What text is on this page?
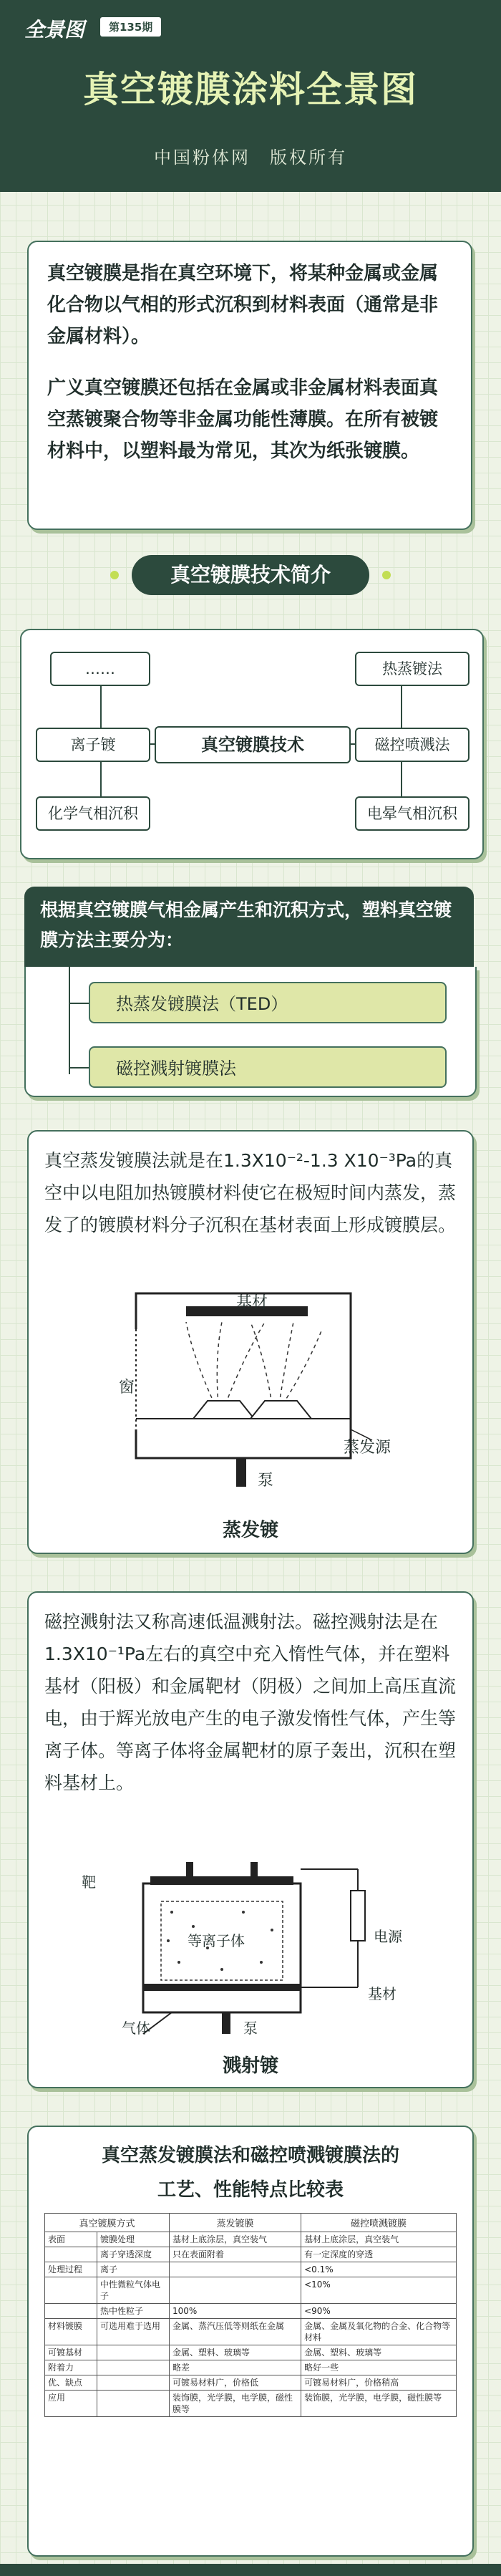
全景图	第135期
真空镀膜涂料全景图
中国粉体网　版权所有

真空镀膜是指在真空环境下，将某种金属或金属化合物以气相的形式沉积到材料表面（通常是非金属材料）。

广义真空镀膜还包括在金属或非金属材料表面真空蒸镀聚合物等非金属功能性薄膜。在所有被镀材料中，以塑料最为常见，其次为纸张镀膜。

真空镀膜技术简介
……
离子镀
化学气相沉积
真空镀膜技术
热蒸镀法
磁控喷溅法
电晕气相沉积
根据真空镀膜气相金属产生和沉积方式，塑料真空镀膜方法主要分为：
热蒸发镀膜法（TED）
磁控溅射镀膜法

真空蒸发镀膜法就是在1.3X10⁻²-1.3 X10⁻³Pa的真空中以电阻加热镀膜材料使它在极短时间内蒸发，蒸发了的镀膜材料分子沉积在基材表面上形成镀膜层。

基材
窗
蒸发源
泵
蒸发镀

磁控溅射法又称高速低温溅射法。磁控溅射法是在1.3X10⁻¹Pa左右的真空中充入惰性气体，并在塑料基材（阳极）和金属靶材（阴极）之间加上高压直流电，由于辉光放电产生的电子激发惰性气体，产生等离子体。等离子体将金属靶材的原子轰出，沉积在塑料基材上。

靶
等离子体	电源
基材
气体	泵
溅射镀
真空蒸发镀膜法和磁控喷溅镀膜法的
工艺、性能特点比较表
真空镀膜方式		蒸发镀膜	磁控喷溅镀膜
表面	镀膜处理	基材上底涂层，真空装气	基材上底涂层，真空装气
	离子穿透深度	只在表面附着	有一定深度的穿透
处理过程	离子		<0.1%
	中性微粒气体电子		<10%
	热中性粒子	100%	<90%
材料镀膜	可选用难于选用	金属、蒸汽压低等则纸在金属	金属、金属及氧化物的合金、化合物等材料
可镀基材		金属、塑料、玻璃等	金属、塑料、玻璃等
附着力		略差	略好一些
优、缺点		可镀易材料广，价格低	可镀易材料广，价格稍高
应用		装饰膜，光学膜，电学膜，磁性膜等	装饰膜，光学膜，电学膜，磁性膜等
